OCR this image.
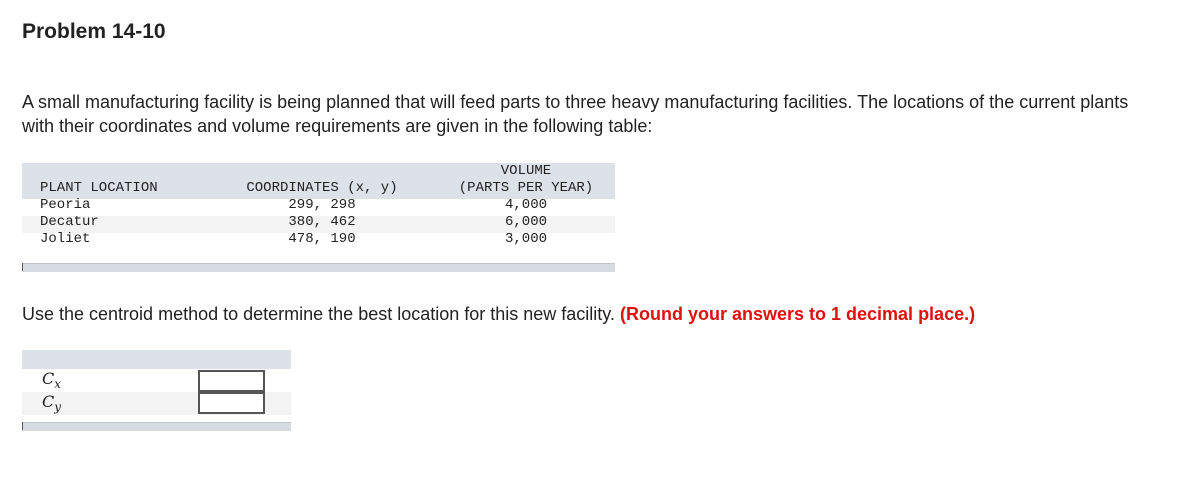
Problem 14-10
A small manufacturing facility is being planned that will feed parts to three heavy manufacturing facilities. The locations of the current plants with their coordinates and volume requirements are given in the following table:
VOLUME
PLANT LOCATION	COORDINATES (x, y)	(PARTS PER YEAR)
Peoria	299, 298	4,000
Decatur	380, 462	6,000
Joliet	478, 190	3,000
Use the centroid method to determine the best location for this new facility. (Round your answers to 1 decimal place.)
$C_x$
$C_y$
